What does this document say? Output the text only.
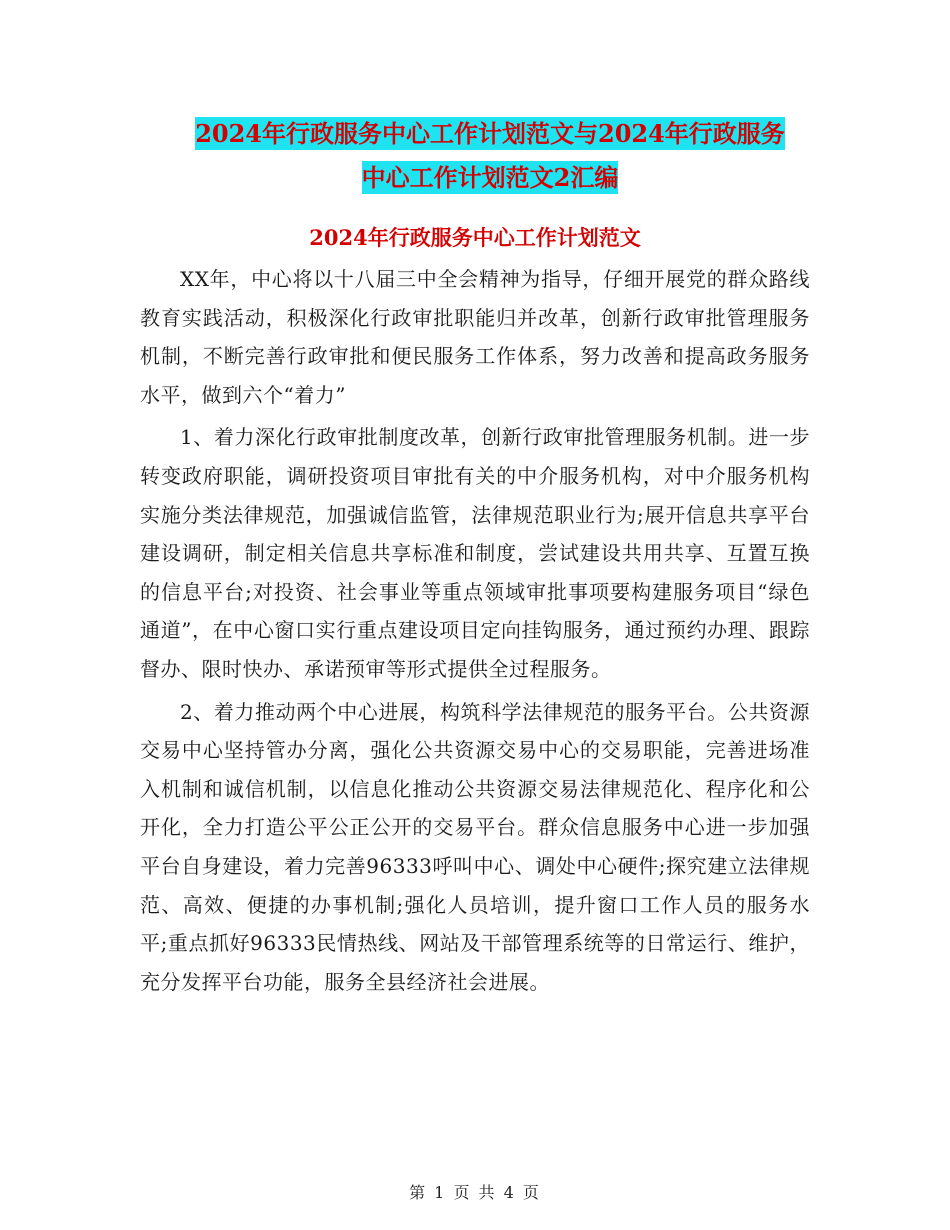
2024年行政服务中心工作计划范文与2024年行政服务
中心工作计划范文2汇编
2024年行政服务中心工作计划范文

XX年，中心将以十八届三中全会精神为指导，仔细开展党的群众路线教育实践活动，积极深化行政审批职能归并改革，创新行政审批管理服务机制，不断完善行政审批和便民服务工作体系，努力改善和提高政务服务水平，做到六个“着力”

1、着力深化行政审批制度改革，创新行政审批管理服务机制。进一步转变政府职能，调研投资项目审批有关的中介服务机构，对中介服务机构实施分类法律规范，加强诚信监管，法律规范职业行为;展开信息共享平台建设调研，制定相关信息共享标准和制度，尝试建设共用共享、互置互换的信息平台;对投资、社会事业等重点领域审批事项要构建服务项目“绿色通道”，在中心窗口实行重点建设项目定向挂钩服务，通过预约办理、跟踪督办、限时快办、承诺预审等形式提供全过程服务。

2、着力推动两个中心进展，构筑科学法律规范的服务平台。公共资源交易中心坚持管办分离，强化公共资源交易中心的交易职能，完善进场准入机制和诚信机制，以信息化推动公共资源交易法律规范化、程序化和公开化，全力打造公平公正公开的交易平台。群众信息服务中心进一步加强平台自身建设，着力完善96333呼叫中心、调处中心硬件;探究建立法律规范、高效、便捷的办事机制;强化人员培训，提升窗口工作人员的服务水平;重点抓好96333民情热线、网站及干部管理系统等的日常运行、维护，充分发挥平台功能，服务全县经济社会进展。

第 1 页 共 4 页
